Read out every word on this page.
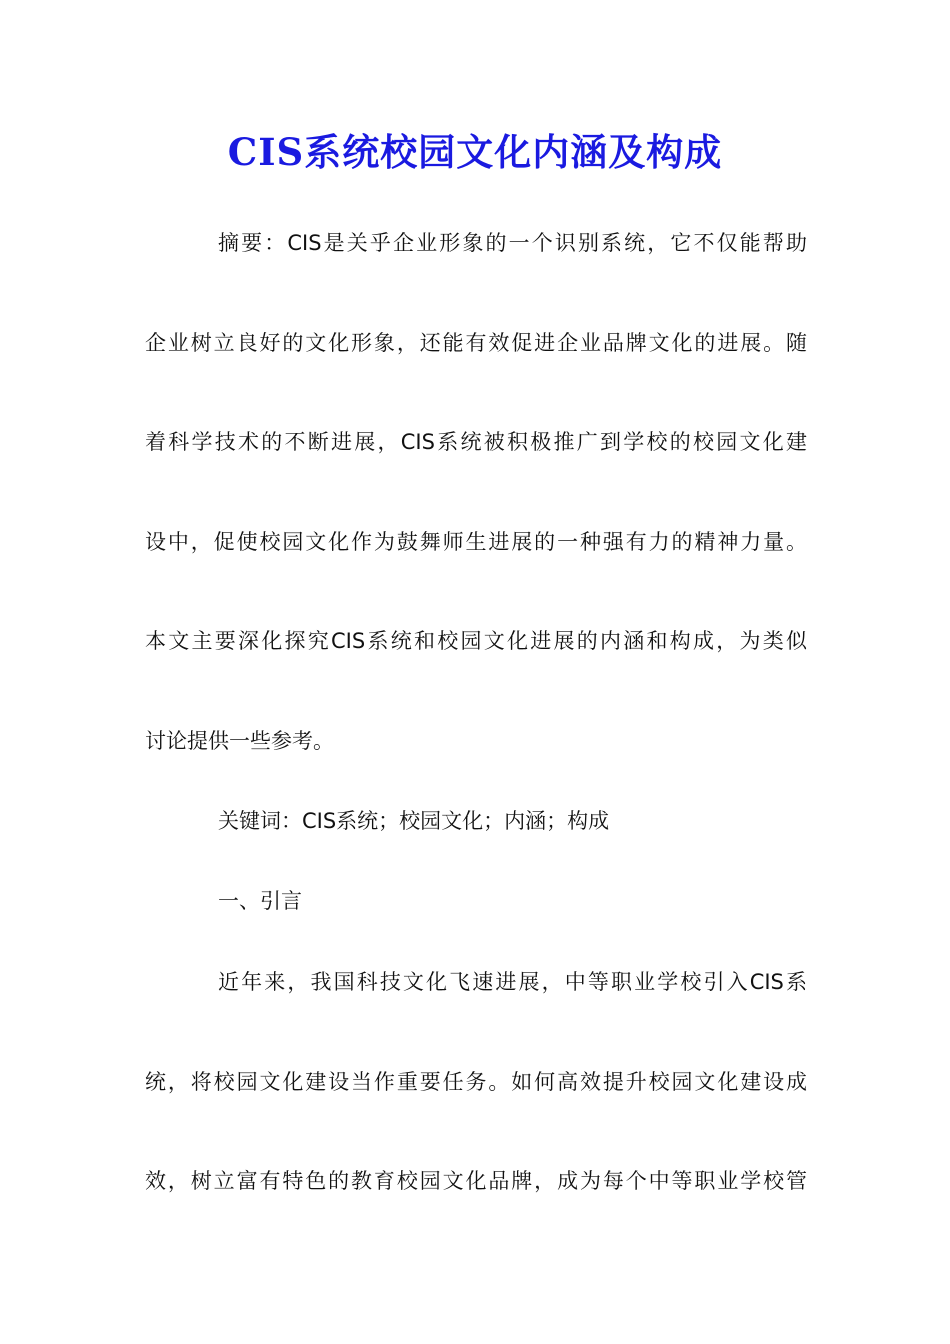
CIS系统校园文化内涵及构成
摘要：CIS是关乎企业形象的一个识别系统，它不仅能帮助
企业树立良好的文化形象，还能有效促进企业品牌文化的进展。随
着科学技术的不断进展，CIS系统被积极推广到学校的校园文化建
设中，促使校园文化作为鼓舞师生进展的一种强有力的精神力量。
本文主要深化探究CIS系统和校园文化进展的内涵和构成，为类似
讨论提供一些参考。
关键词：CIS系统；校园文化；内涵；构成
一、引言
近年来，我国科技文化飞速进展，中等职业学校引入CIS系
统，将校园文化建设当作重要任务。如何高效提升校园文化建设成
效，树立富有特色的教育校园文化品牌，成为每个中等职业学校管
